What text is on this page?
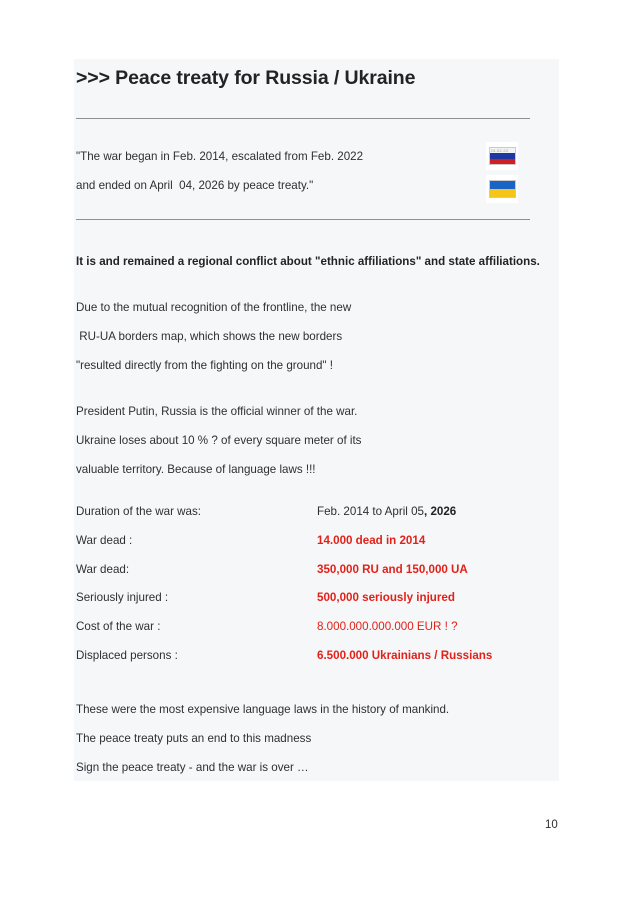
>>> Peace treaty for Russia / Ukraine
"The war began in Feb. 2014, escalated from Feb. 2022
and ended on April  04, 2026 by peace treaty."
24.02.22
It is and remained a regional conflict about "ethnic affiliations" and state affiliations.
Due to the mutual recognition of the frontline, the new
RU-UA borders map, which shows the new borders
"resulted directly from the fighting on the ground" !
President Putin, Russia is the official winner of the war.
Ukraine loses about 10 % ? of every square meter of its
valuable territory. Because of language laws !!!
Duration of the war was:	Feb. 2014 to April 05, 2026
War dead :	14.000 dead in 2014
War dead:	350,000 RU and 150,000 UA
Seriously injured :	500,000 seriously injured
Cost of the war :	8.000.000.000.000 EUR ! ?
Displaced persons :	6.500.000 Ukrainians / Russians
These were the most expensive language laws in the history of mankind.
The peace treaty puts an end to this madness
Sign the peace treaty - and the war is over …
10
